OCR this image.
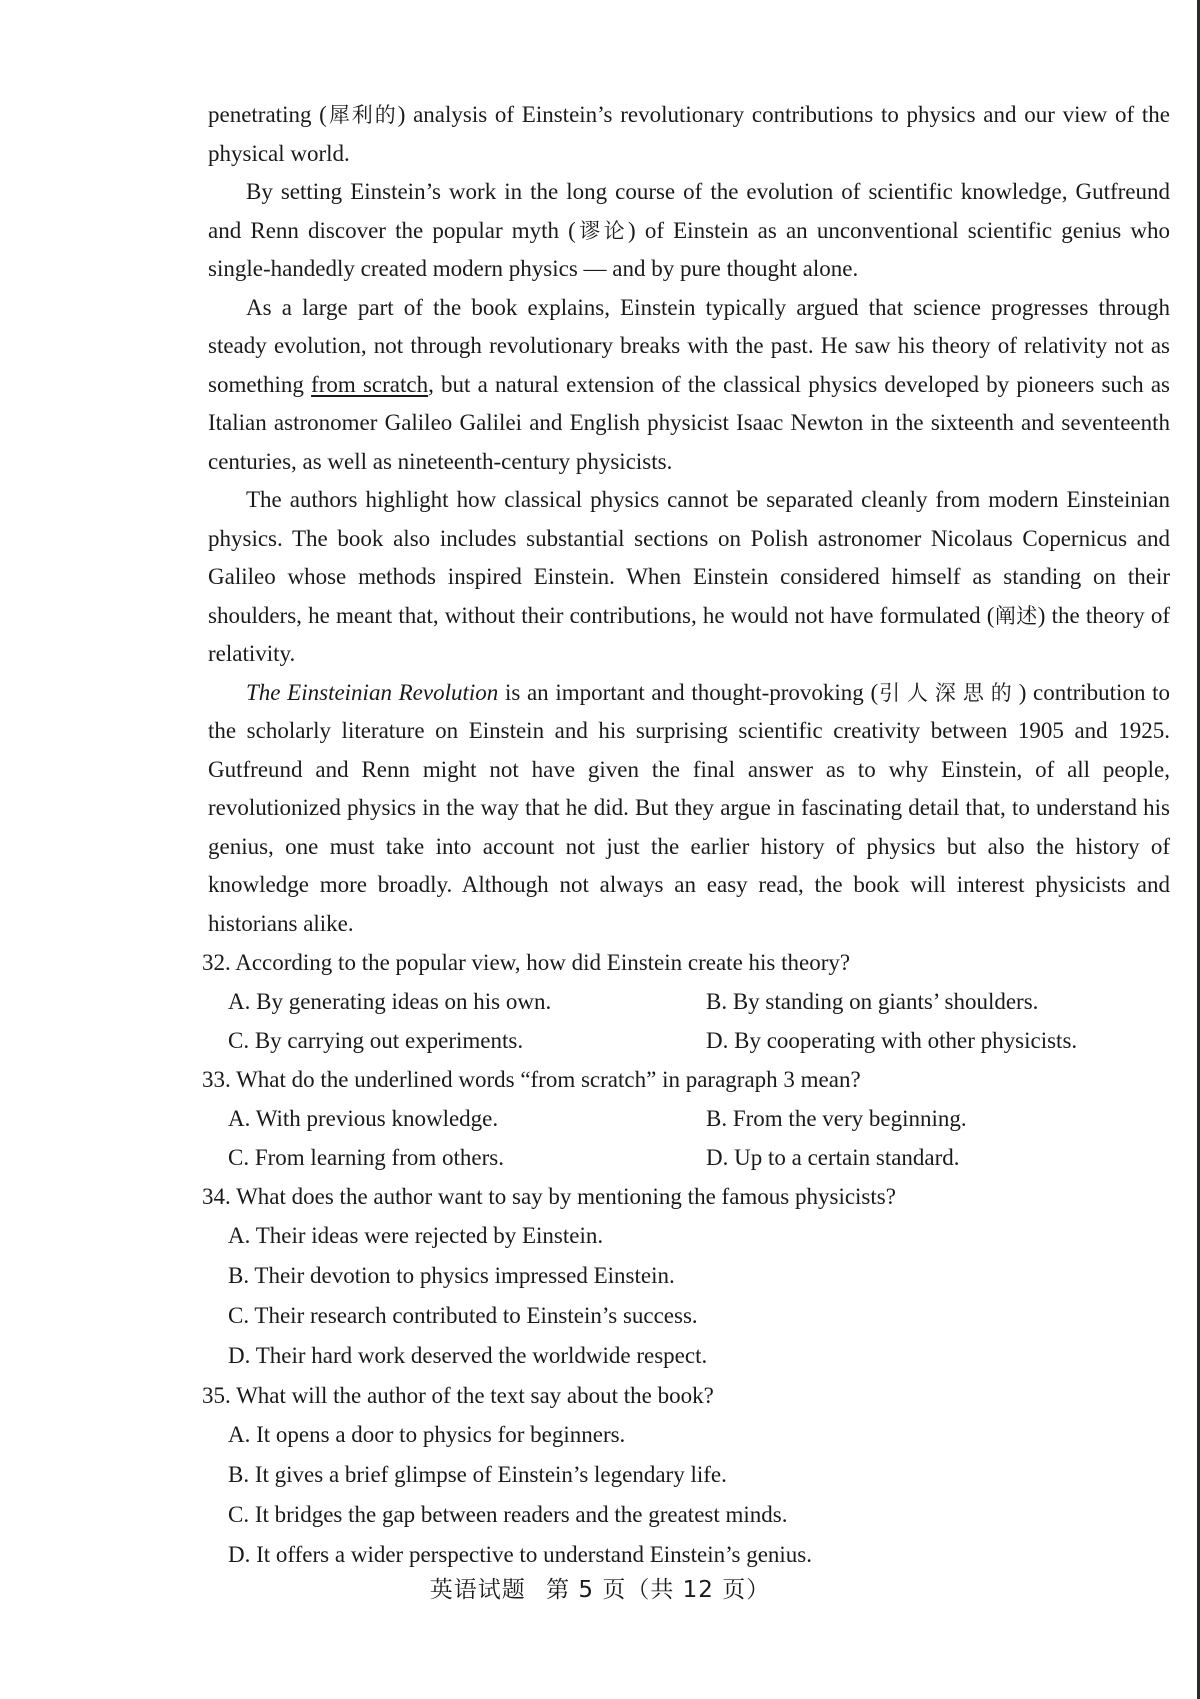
penetrating (犀利的) analysis of Einstein’s revolutionary contributions to physics and our view of the physical world.

By setting Einstein’s work in the long course of the evolution of scientific knowledge, Gutfreund and Renn discover the popular myth (谬论) of Einstein as an unconventional scientific genius who single-handedly created modern physics — and by pure thought alone.

As a large part of the book explains, Einstein typically argued that science progresses through steady evolution, not through revolutionary breaks with the past. He saw his theory of relativity not as something from scratch, but a natural extension of the classical physics developed by pioneers such as Italian astronomer Galileo Galilei and English physicist Isaac Newton in the sixteenth and seventeenth centuries, as well as nineteenth-century physicists.

The authors highlight how classical physics cannot be separated cleanly from modern Einsteinian physics. The book also includes substantial sections on Polish astronomer Nicolaus Copernicus and Galileo whose methods inspired Einstein. When Einstein considered himself as standing on their shoulders, he meant that, without their contributions, he would not have formulated (阐述) the theory of relativity.

The Einsteinian Revolution is an important and thought-provoking (引人深思的) contribution to the scholarly literature on Einstein and his surprising scientific creativity between 1905 and 1925. Gutfreund and Renn might not have given the final answer as to why Einstein, of all people, revolutionized physics in the way that he did. But they argue in fascinating detail that, to understand his genius, one must take into account not just the earlier history of physics but also the history of knowledge more broadly. Although not always an easy read, the book will interest physicists and historians alike.

32. According to the popular view, how did Einstein create his theory?

A. By generating ideas on his own.	B. By standing on giants’ shoulders.
C. By carrying out experiments.	D. By cooperating with other physicists.

33. What do the underlined words “from scratch” in paragraph 3 mean?

A. With previous knowledge.	B. From the very beginning.
C. From learning from others.	D. Up to a certain standard.

34. What does the author want to say by mentioning the famous physicists?

A. Their ideas were rejected by Einstein.

B. Their devotion to physics impressed Einstein.

C. Their research contributed to Einstein’s success.

D. Their hard work deserved the worldwide respect.

35. What will the author of the text say about the book?

A. It opens a door to physics for beginners.

B. It gives a brief glimpse of Einstein’s legendary life.

C. It bridges the gap between readers and the greatest minds.

D. It offers a wider perspective to understand Einstein’s genius.

英语试题 第 5 页（共 12 页）
